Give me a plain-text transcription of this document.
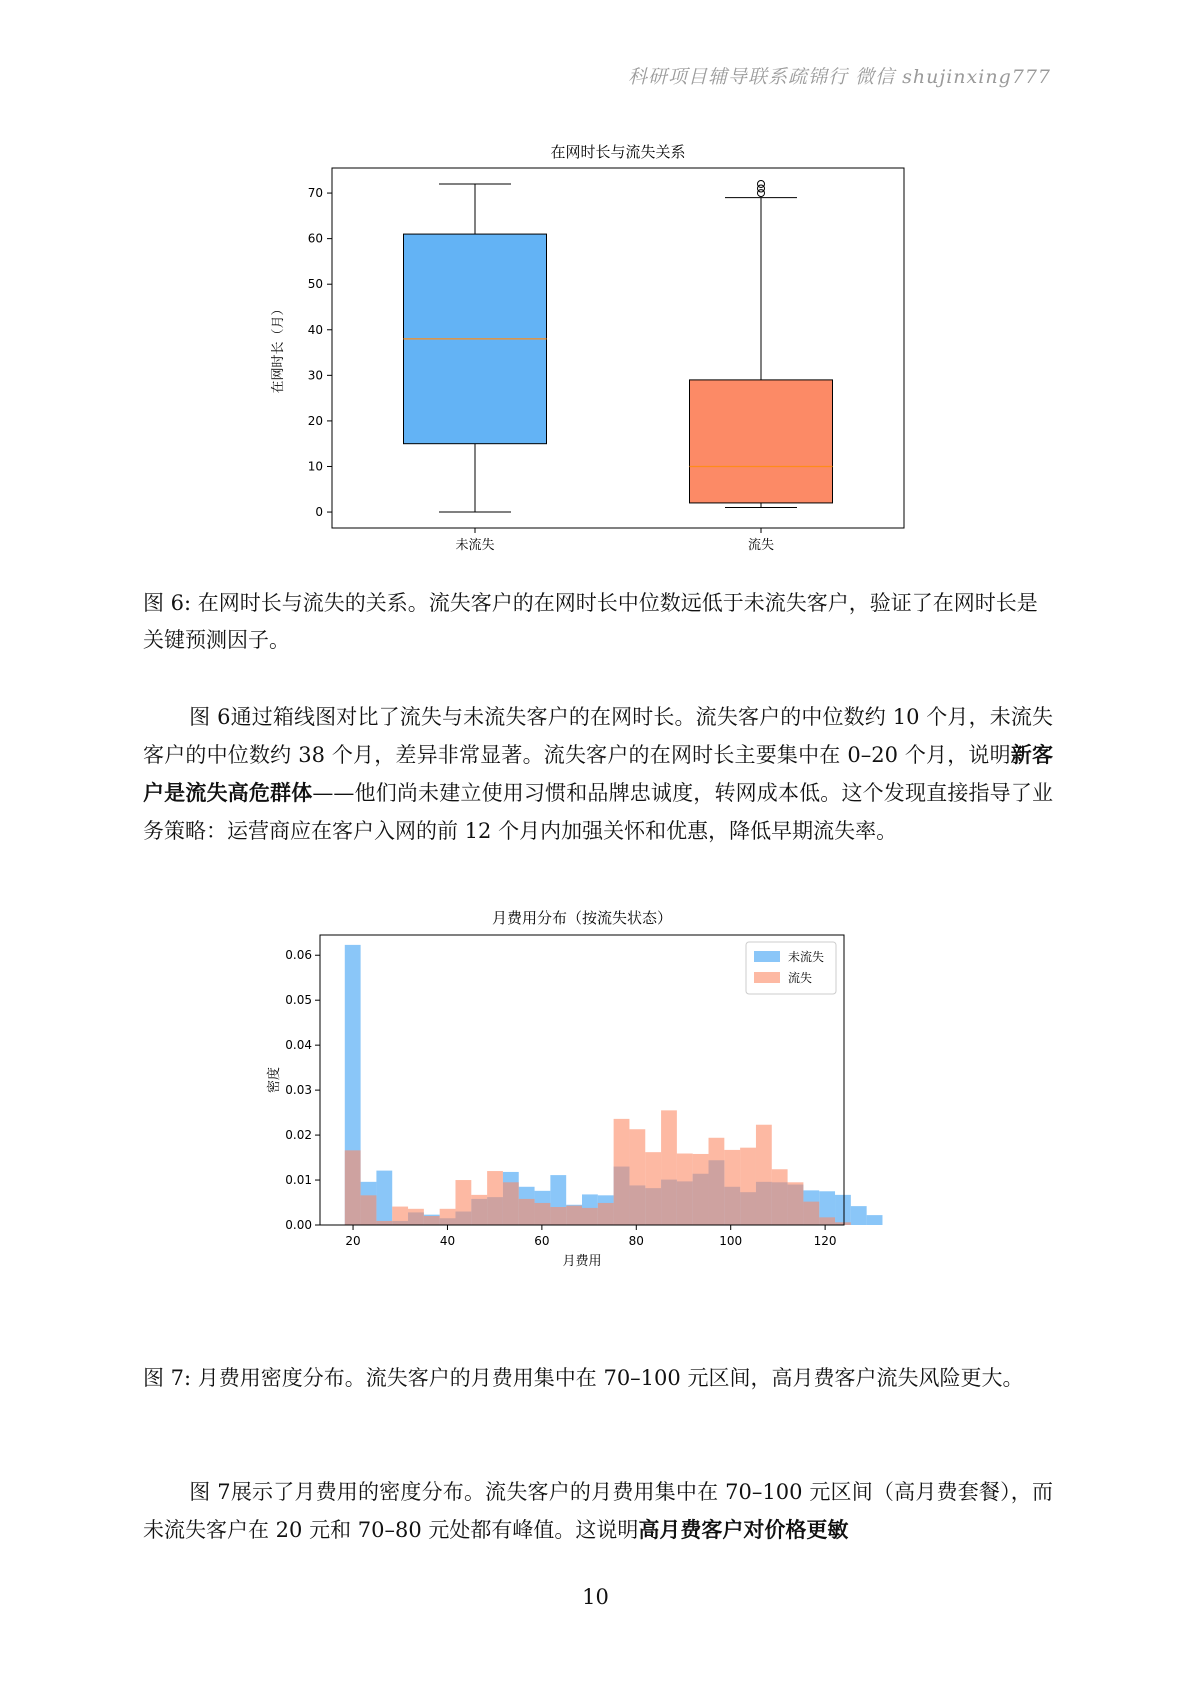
科研项目辅导联系疏锦行 微信 shujinxing777
在网时长与流失关系
0
10
20
30
40
50
60
70
在网时长（月）
未流失	流失
图 6: 在网时长与流失的关系。流失客户的在网时长中位数远低于未流失客户，验证了在网时长是关键预测因子。
图 6通过箱线图对比了流失与未流失客户的在网时长。流失客户的中位数约 10 个月，未流失客户的中位数约 38 个月，差异非常显著。流失客户的在网时长主要集中在 0–20 个月，说明新客户是流失高危群体——他们尚未建立使用习惯和品牌忠诚度，转网成本低。这个发现直接指导了业务策略：运营商应在客户入网的前 12 个月内加强关怀和优惠，降低早期流失率。
月费用分布（按流失状态）
0.00
0.01
0.02
0.03
0.04
0.05
0.06
20	40	60	80	100	120
月费用
密度
未流失
流失
图 7: 月费用密度分布。流失客户的月费用集中在 70–100 元区间，高月费客户流失风险更大。
图 7展示了月费用的密度分布。流失客户的月费用集中在 70–100 元区间（高月费套餐），而未流失客户在 20 元和 70–80 元处都有峰值。这说明高月费客户对价格更敏
10
